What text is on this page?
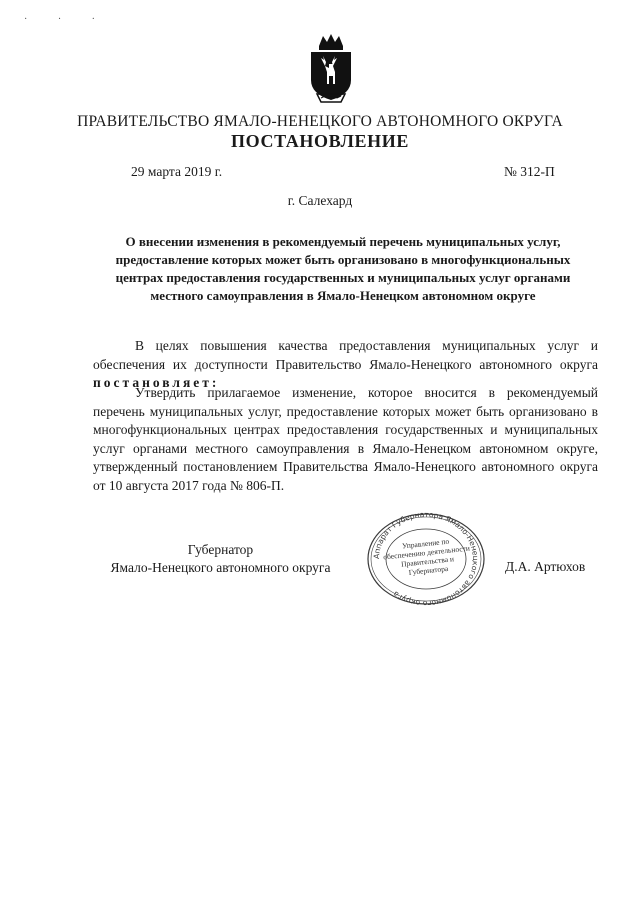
· · ·
ПРАВИТЕЛЬСТВО ЯМАЛО-НЕНЕЦКОГО АВТОНОМНОГО ОКРУГА
ПОСТАНОВЛЕНИЕ
29 марта 2019 г.	№ 312-П
г. Салехард
О внесении изменения в рекомендуемый перечень муниципальных услуг, предоставление которых может быть организовано в многофункциональных центрах предоставления государственных и муниципальных услуг органами местного самоуправления в Ямало-Ненецком автономном округе
В целях повышения качества предоставления муниципальных услуг и обеспечения их доступности Правительство Ямало-Ненецкого автономного округа постановляет:
Утвердить прилагаемое изменение, которое вносится в рекомендуемый перечень муниципальных услуг, предоставление которых может быть организовано в многофункциональных центрах предоставления государственных и муниципальных услуг органами местного самоуправления в Ямало-Ненецком автономном округе, утвержденный постановлением Правительства Ямало-Ненецкого автономного округа от 10 августа 2017 года № 806-П.
Губернатор
Ямало-Ненецкого автономного округа
Аппарат Губернатора Ямало-Ненецкого автономного округа
Управление по обеспечению деятельности Правительства и Губернатора	Д.А. Артюхов
